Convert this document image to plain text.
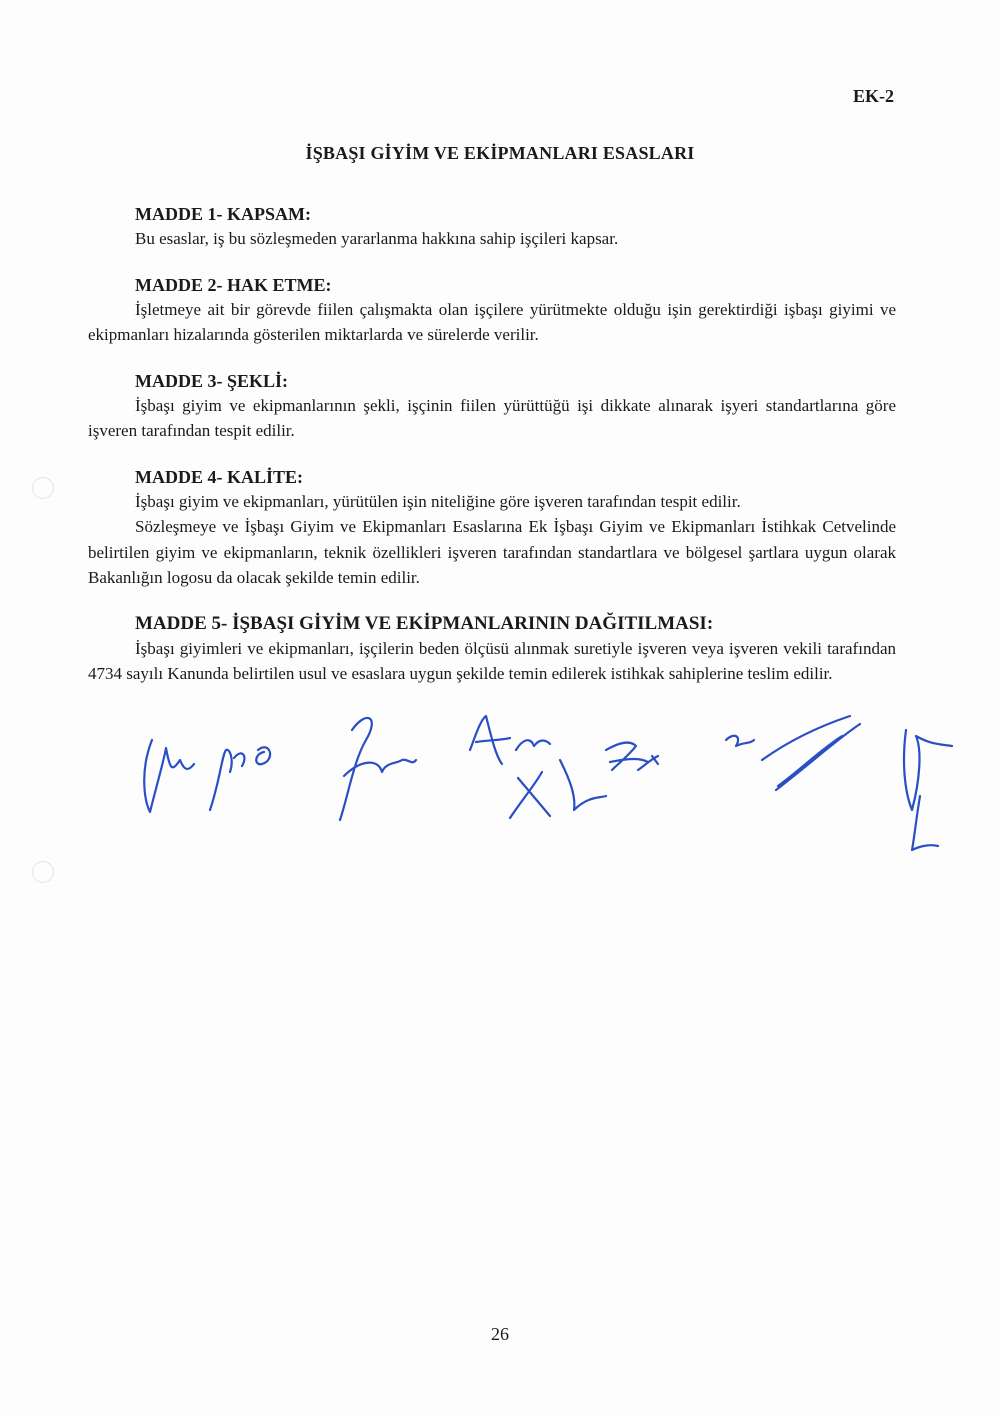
EK-2
İŞBAŞI GİYİM VE EKİPMANLARI ESASLARI
MADDE 1- KAPSAM:

Bu esaslar, iş bu sözleşmeden yararlanma hakkına sahip işçileri kapsar.

MADDE 2- HAK ETME:

İşletmeye ait bir görevde fiilen çalışmakta olan işçilere yürütmekte olduğu işin gerektirdiği işbaşı giyimi ve ekipmanları hizalarında gösterilen miktarlarda ve sürelerde verilir.

MADDE 3- ŞEKLİ:

İşbaşı giyim ve ekipmanlarının şekli, işçinin fiilen yürüttüğü işi dikkate alınarak işyeri standartlarına göre işveren tarafından tespit edilir.

MADDE 4- KALİTE:

İşbaşı giyim ve ekipmanları, yürütülen işin niteliğine göre işveren tarafından tespit edilir.

Sözleşmeye ve İşbaşı Giyim ve Ekipmanları Esaslarına Ek İşbaşı Giyim ve Ekipmanları İstihkak Cetvelinde belirtilen giyim ve ekipmanların, teknik özellikleri işveren tarafından standartlara ve bölgesel şartlara uygun olarak Bakanlığın logosu da olacak şekilde temin edilir.

MADDE 5- İŞBAŞI GİYİM VE EKİPMANLARININ DAĞITILMASI:

İşbaşı giyimleri ve ekipmanları, işçilerin beden ölçüsü alınmak suretiyle işveren veya işveren vekili tarafından 4734 sayılı Kanunda belirtilen usul ve esaslara uygun şekilde temin edilerek istihkak sahiplerine teslim edilir.

26
